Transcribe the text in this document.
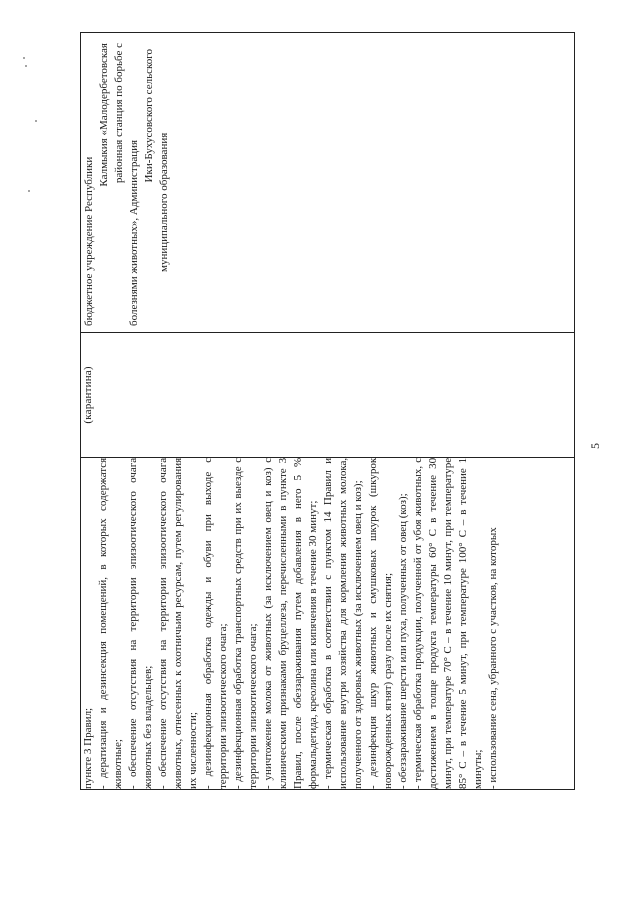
пункте 3 Правил; - дератизация и дезинсекция помещений, в которых содержатся животные; - обеспечение отсутствия на территории эпизоотического очага животных без владельцев; - обеспечение отсутствия на территории эпизоотического очага животных, отнесенных к охотничьим ресурсам, путем регулирования их численности; - дезинфекционная обработка одежды и обуви при выходе с территории эпизоотического очага; - дезинфекционная обработка транспортных средств при их выезде с территории эпизоотического очага; - уничтожение молока от животных (за исключением овец и коз) с клиническими признаками бруцеллеза, перечисленными в пункте 3 Правил, после обеззараживания путем добавления в него 5 % формальдегида, креолина или кипячения в течение 30 минут; - термическая обработка в соответствии с пунктом 14 Правил и использование внутри хозяйства для кормления животных молока, полученного от здоровых животных (за исключением овец и коз); - дезинфекция шкур животных и смушковых шкурок (шкурок новорожденных ягнят) сразу после их снятия; - обеззараживание шерсти или пуха, полученных от овец (коз); - термическая обработка продукции, полученной от убоя животных, с достижением в толще продукта температуры 60° С в течение 30 минут, при температуре 70° С – в течение 10 минут, при температуре 85° С – в течение 5 минут, при температуре 100° С – в течение 1 минуты; - использование сена, убранного с участков, на которых

(карантина)

бюджетное учреждение Республики
Калмыкия «Малодербетовская районная станция по борьбе с
болезнями животных», Администрация
Ики-Бухусовского сельского
муниципального образования
5
